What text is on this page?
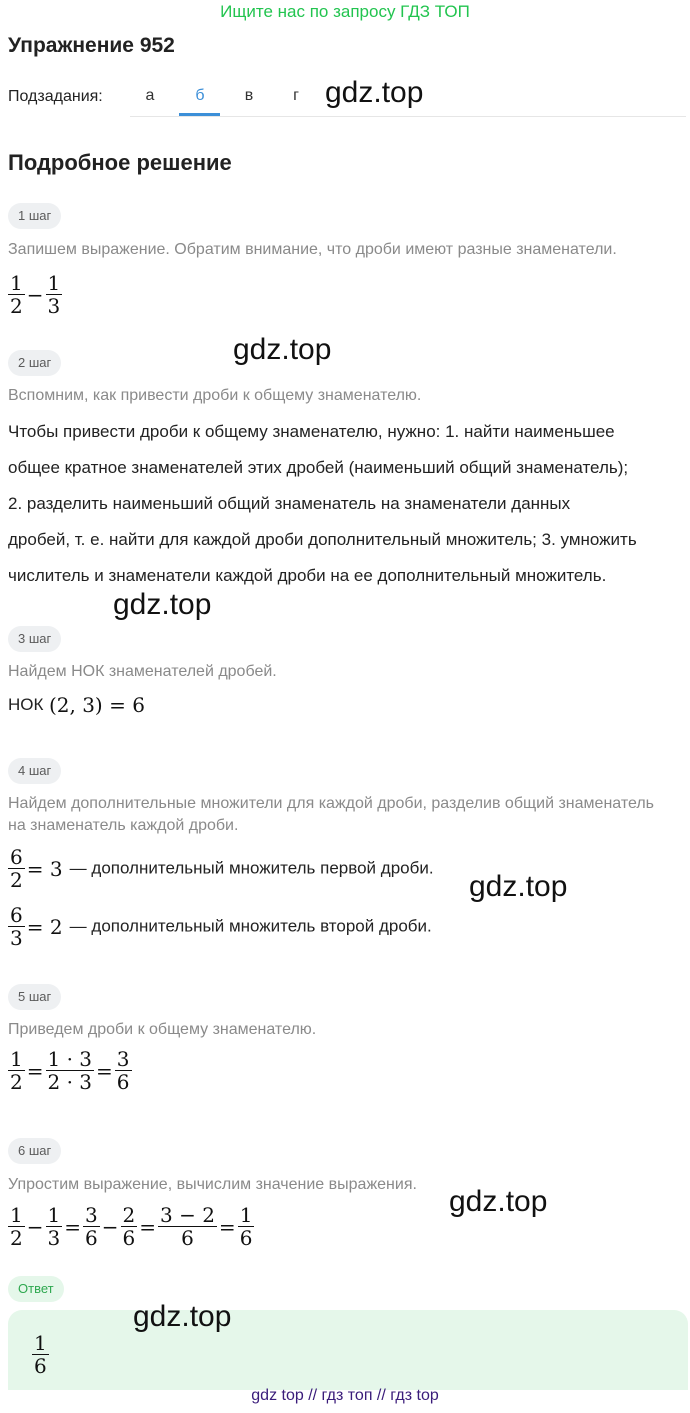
Ищите нас по запросу ГДЗ ТОП
Упражнение 952
Подзадания:	а	б	в	г gdz.top
Подробное решение
1 шаг
Запишем выражение. Обратим внимание, что дроби имеют разные знаменатели.
$\frac{1}{2} - \frac{1}{3}$
gdz.top
2 шаг
Вспомним, как привести дроби к общему знаменателю.
Чтобы привести дроби к общему знаменателю, нужно: 1. найти наименьшее
общее кратное знаменателей этих дробей (наименьший общий знаменатель);
2. разделить наименьший общий знаменатель на знаменатели данных
дробей, т. е. найти для каждой дроби дополнительный множитель; 3. умножить
числитель и знаменатели каждой дроби на ее дополнительный множитель.
gdz.top
3 шаг
Найдем НОК знаменателей дробей.
НОК (2, 3) = 6
4 шаг
Найдем дополнительные множители для каждой дроби, разделив общий знаменатель
на знаменатель каждой дроби.
$\frac{6}{2} = 3$ — дополнительный множитель первой дроби.
$\frac{6}{3} = 2$ — дополнительный множитель второй дроби.
gdz.top
5 шаг
Приведем дроби к общему знаменателю.
$\frac{1}{2} = \frac{1 \cdot 3}{2 \cdot 3} = \frac{3}{6}$
6 шаг
Упростим выражение, вычислим значение выражения.
gdz.top
$\frac{1}{2} - \frac{1}{3} = \frac{3}{6} - \frac{2}{6} = \frac{3 - 2}{6} = \frac{1}{6}$
Ответ
$\frac{1}{6}$
gdz.top
gdz top // гдз топ // гдз top
